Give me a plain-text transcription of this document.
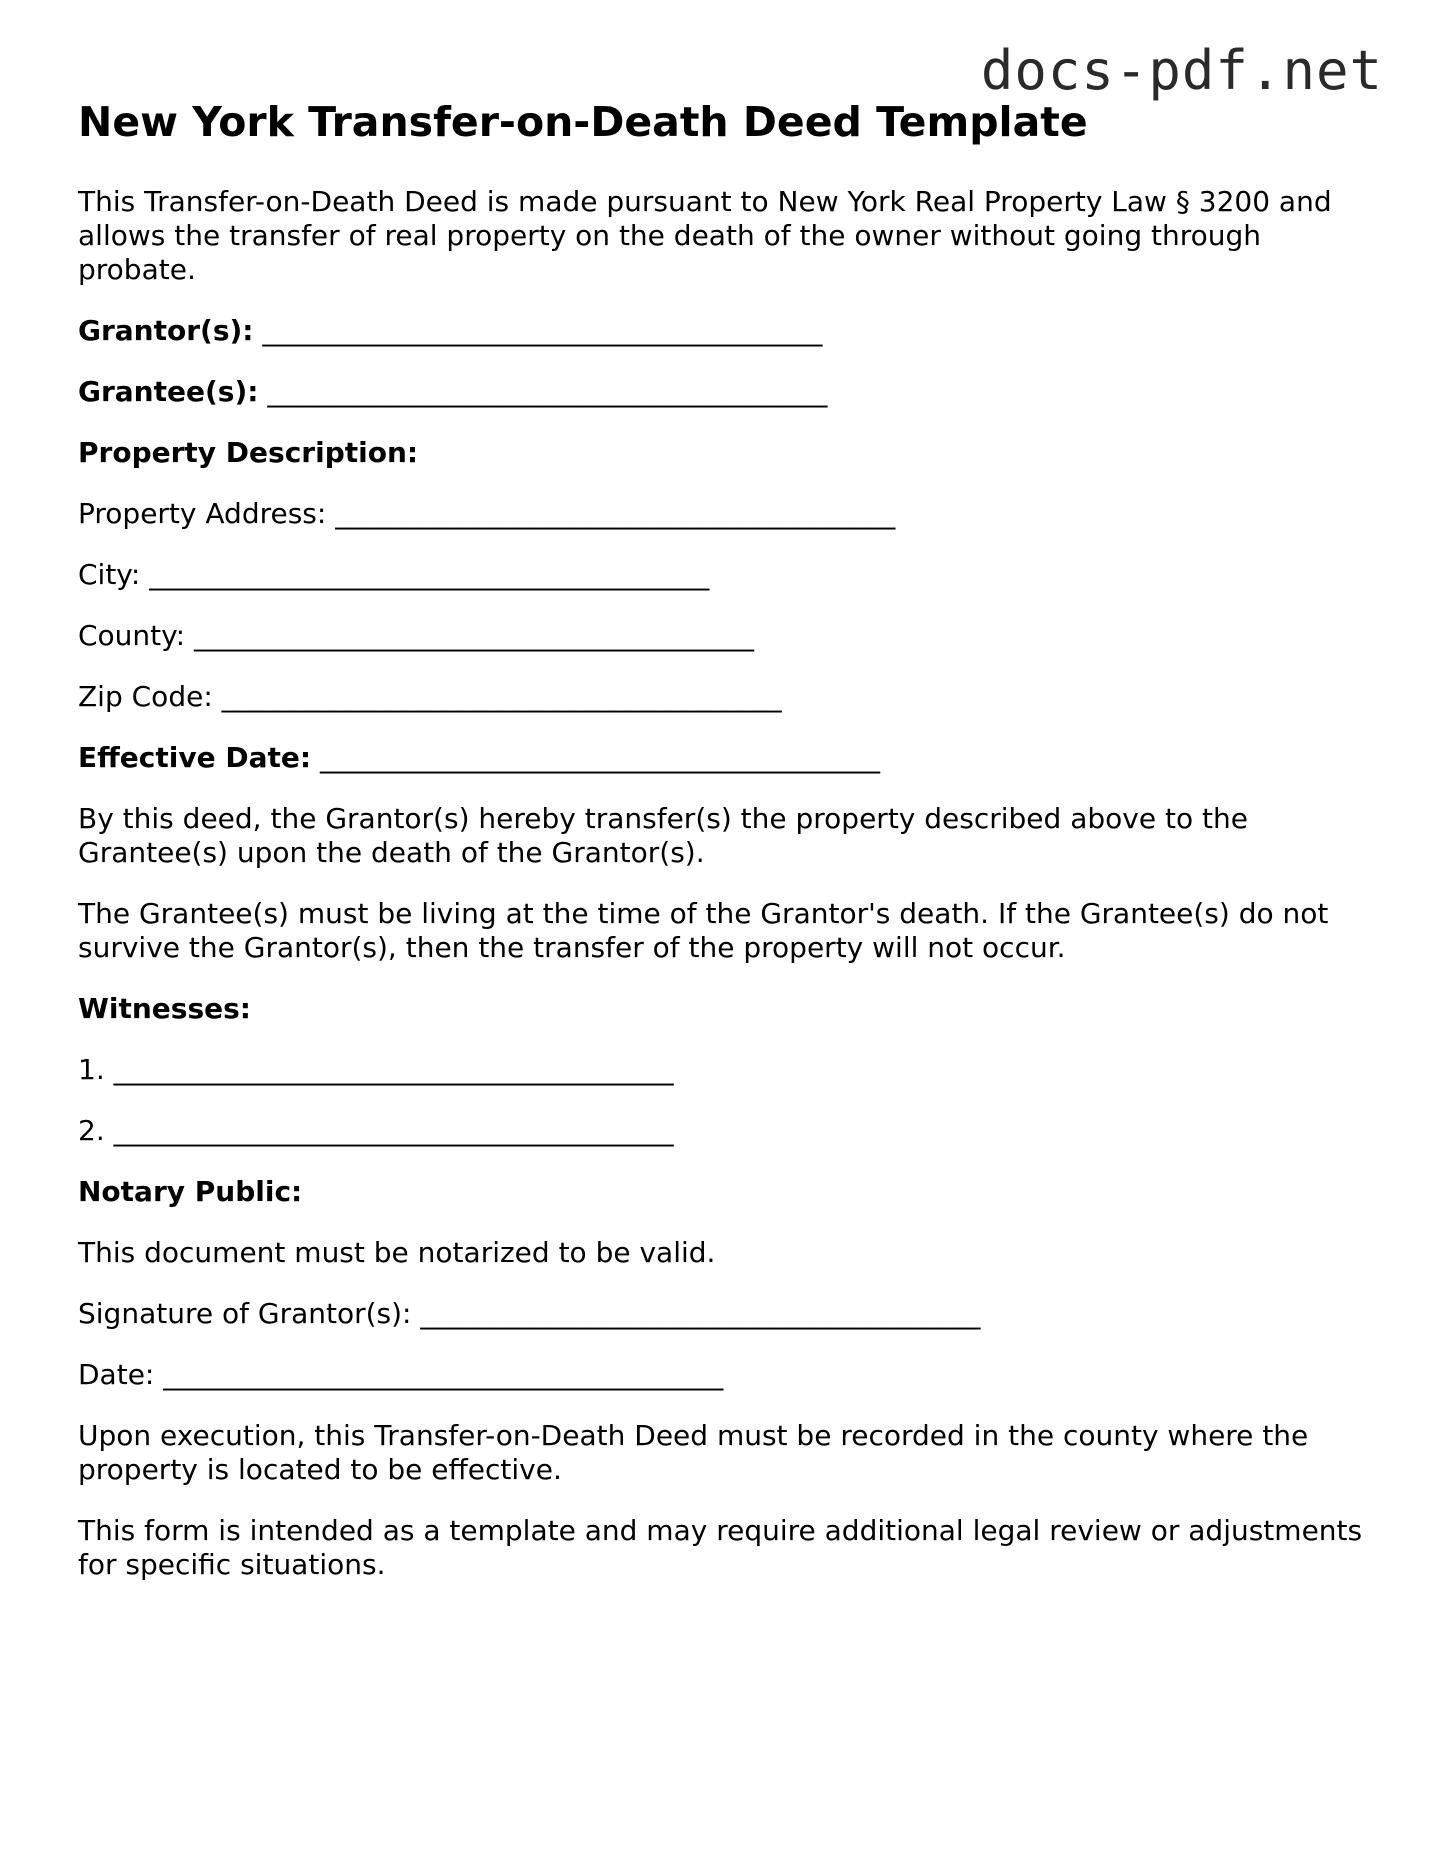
docs-pdf.net
New York Transfer-on-Death Deed Template

This Transfer-on-Death Deed is made pursuant to New York Real Property Law § 3200 and allows the transfer of real property on the death of the owner without going through probate.

Grantor(s): ________________________________________

Grantee(s): ________________________________________

Property Description:

Property Address: ________________________________________

City: ________________________________________

County: ________________________________________

Zip Code: ________________________________________

Effective Date: ________________________________________

By this deed, the Grantor(s) hereby transfer(s) the property described above to the Grantee(s) upon the death of the Grantor(s).

The Grantee(s) must be living at the time of the Grantor's death. If the Grantee(s) do not survive the Grantor(s), then the transfer of the property will not occur.

Witnesses:

1. ________________________________________

2. ________________________________________

Notary Public:

This document must be notarized to be valid.

Signature of Grantor(s): ________________________________________

Date: ________________________________________

Upon execution, this Transfer-on-Death Deed must be recorded in the county where the property is located to be effective.

This form is intended as a template and may require additional legal review or adjustments for specific situations.
